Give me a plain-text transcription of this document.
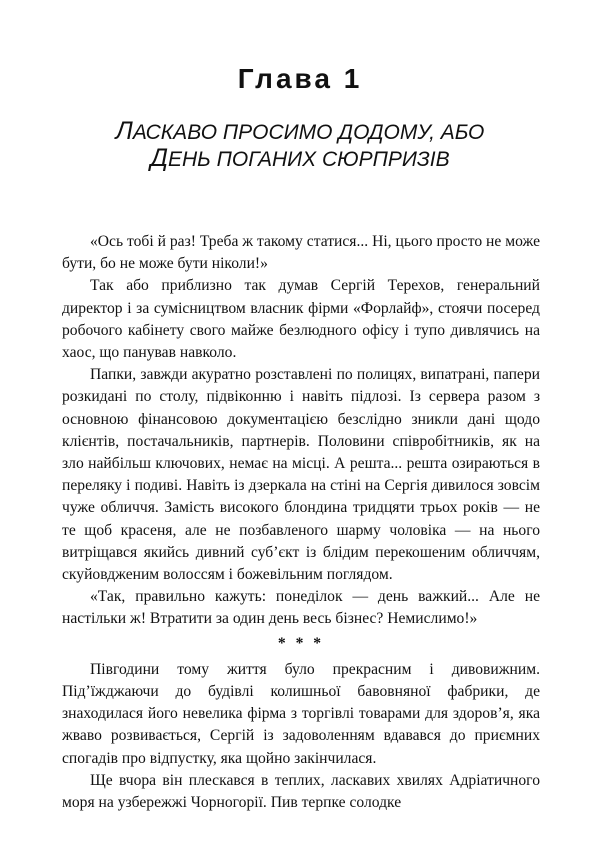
Глава 1
ЛАСКАВО ПРОСИМО ДОДОМУ, АБО
ДЕНЬ ПОГАНИХ СЮРПРИЗІВ

«Ось тобі й раз! Треба ж такому статися... Ні, цього просто не може бути, бо не може бути ніколи!»

Так або приблизно так думав Сергій Терехов, генеральний директор і за сумісництвом власник фірми «Форлайф», стоячи посеред робочого кабінету свого майже безлюдного офісу і тупо дивлячись на хаос, що панував навколо.

Папки, завжди акуратно розставлені по полицях, випатрані, папери розкидані по столу, підвіконню і навіть підлозі. Із сервера разом з основною фінансовою документацією безслідно зникли дані щодо клієнтів, постачальників, партнерів. Половини співробітників, як на зло найбільш ключових, немає на місці. А решта... решта озираються в переляку і подиві. Навіть із дзеркала на стіні на Сергія дивилося зовсім чуже обличчя. Замість високого блондина тридцяти трьох років — не те щоб красеня, але не позбавленого шарму чоловіка — на нього витріщався якийсь дивний суб’єкт із блідим перекошеним обличчям, скуйовдженим волоссям і божевільним поглядом.

«Так, правильно кажуть: понеділок — день важкий... Але не настільки ж! Втратити за один день весь бізнес? Немислимо!»

* * *

Півгодини тому життя було прекрасним і дивовижним. Під’їжджаючи до будівлі колишньої бавовняної фабрики, де знаходилася його невелика фірма з торгівлі товарами для здоров’я, яка жваво розвивається, Сергій із задоволенням вдавався до приємних спогадів про відпустку, яка щойно закінчилася.

Ще вчора він плескався в теплих, ласкавих хвилях Адріатичного моря на узбережжі Чорногорії. Пив терпке солодке
